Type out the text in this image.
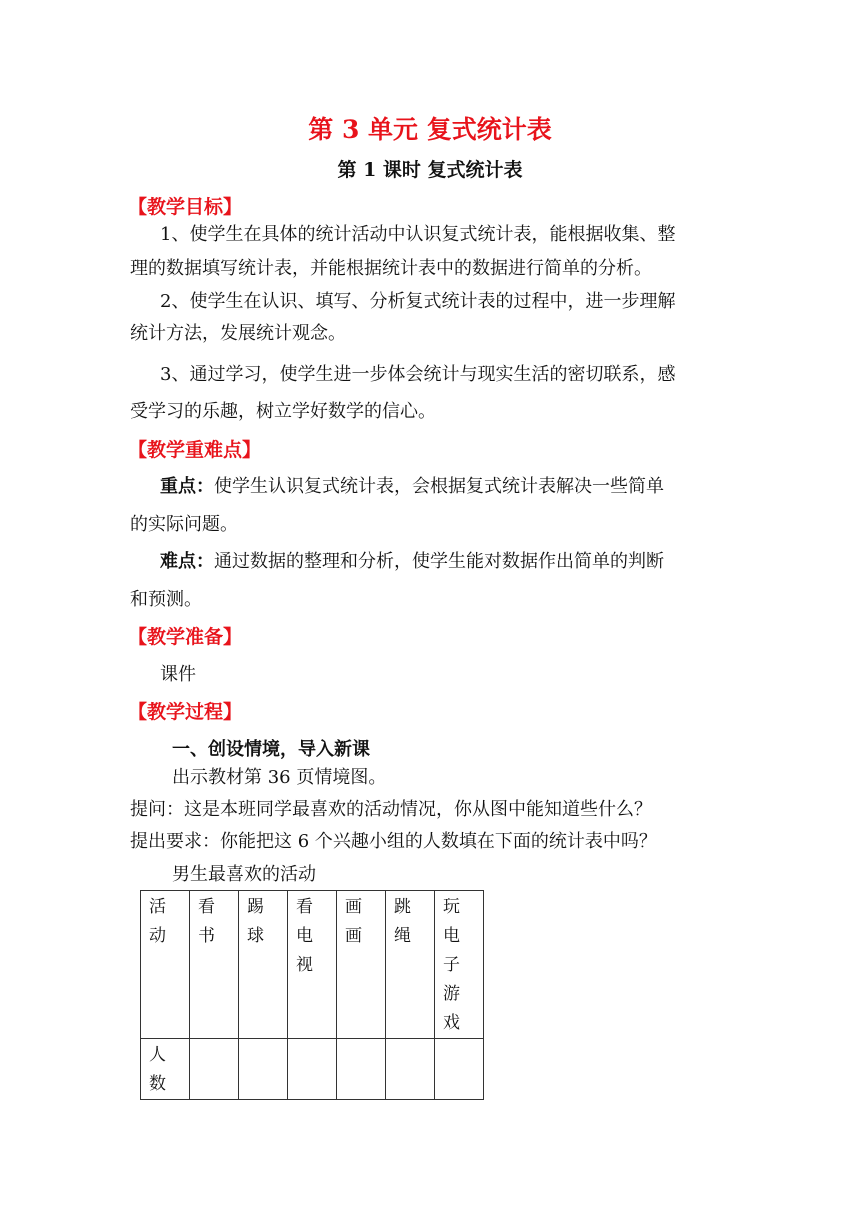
第 3 单元 复式统计表
第 1 课时 复式统计表
【教学目标】
1、使学生在具体的统计活动中认识复式统计表，能根据收集、整
理的数据填写统计表，并能根据统计表中的数据进行简单的分析。
2、使学生在认识、填写、分析复式统计表的过程中，进一步理解
统计方法，发展统计观念。
3、通过学习，使学生进一步体会统计与现实生活的密切联系，感
受学习的乐趣，树立学好数学的信心。
【教学重难点】
重点：使学生认识复式统计表，会根据复式统计表解决一些简单
的实际问题。
难点：通过数据的整理和分析，使学生能对数据作出简单的判断
和预测。
【教学准备】
课件
【教学过程】
一、创设情境，导入新课
出示教材第 36 页情境图。
提问：这是本班同学最喜欢的活动情况，你从图中能知道些什么？
提出要求：你能把这 6 个兴趣小组的人数填在下面的统计表中吗？
男生最喜欢的活动
活动	看书	踢球	看电视	画画	跳绳	玩电子游戏

人数						
